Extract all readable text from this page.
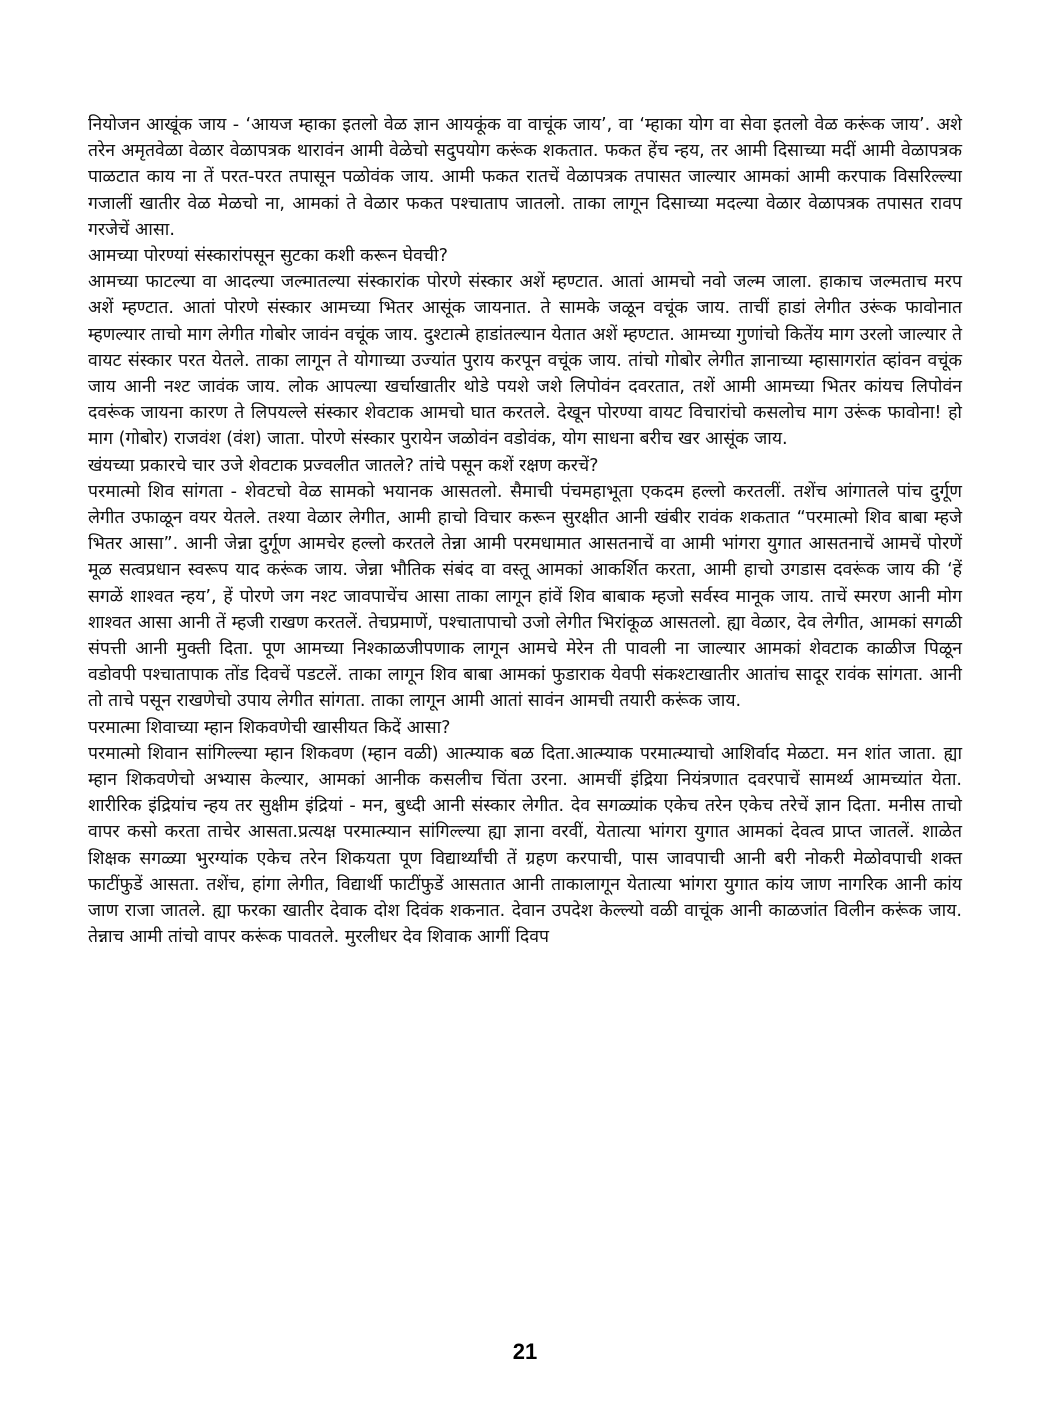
नियोजन आखूंक जाय - ‘आयज म्हाका इतलो वेळ ज्ञान आयकूंक वा वाचूंक जाय’, वा ‘म्हाका योग वा सेवा इतलो वेळ करूंक जाय’. अशे तरेन अमृतवेळा वेळार वेळापत्रक थारावंन आमी वेळेचो सदुपयोग करूंक शकतात. फकत हेंच न्हय, तर आमी दिसाच्या मदीं आमी वेळापत्रक पाळटात काय ना तें परत-परत तपासून पळोवंक जाय. आमी फकत रातचें वेळापत्रक तपासत जाल्यार आमकां आमी करपाक विसरिल्ल्या गजालीं खातीर वेळ मेळचो ना, आमकां ते वेळार फकत पश्चाताप जातलो. ताका लागून दिसाच्या मदल्या वेळार वेळापत्रक तपासत रावप गरजेचें आसा.

आमच्या पोरण्यां संस्कारांपसून सुटका कशी करून घेवची?

आमच्या फाटल्या वा आदल्या जल्मातल्या संस्कारांक पोरणे संस्कार अशें म्हण्टात. आतां आमचो नवो जल्म जाला. हाकाच जल्मताच मरप अशें म्हण्टात. आतां पोरणे संस्कार आमच्या भितर आसूंक जायनात. ते सामके जळून वचूंक जाय. ताचीं हाडां लेगीत उरूंक फावोनात म्हणल्यार ताचो माग लेगीत गोबोर जावंन वचूंक जाय. दुश्टात्मे हाडांतल्यान येतात अशें म्हण्टात. आमच्या गुणांचो कितेंय माग उरलो जाल्यार ते वायट संस्कार परत येतले. ताका लागून ते योगाच्या उज्यांत पुराय करपून वचूंक जाय. तांचो गोबोर लेगीत ज्ञानाच्या म्हासागरांत व्हांवन वचूंक जाय आनी नश्ट जावंक जाय. लोक आपल्या खर्चाखातीर थोडे पयशे जशे लिपोवंन दवरतात, तशें आमी आमच्या भितर कांयच लिपोवंन दवरूंक जायना कारण ते लिपयल्ले संस्कार शेवटाक आमचो घात करतले. देखून पोरण्या वायट विचारांचो कसलोच माग उरूंक फावोना! हो माग (गोबोर) राजवंश (वंश) जाता. पोरणे संस्कार पुरायेन जळोवंन वडोवंक, योग साधना बरीच खर आसूंक जाय.

खंयच्या प्रकारचे चार उजे शेवटाक प्रज्वलीत जातले? तांचे पसून कशें रक्षण करचें?

परमात्मो शिव सांगता - शेवटचो वेळ सामको भयानक आसतलो. सैमाची पंचमहाभूता एकदम हल्लो करतलीं. तशेंच आंगातले पांच दुर्गूण लेगीत उफाळून वयर येतले. तश्या वेळार लेगीत, आमी हाचो विचार करून सुरक्षीत आनी खंबीर रावंक शकतात “परमात्मो शिव बाबा म्हजे भितर आसा”. आनी जेन्ना दुर्गूण आमचेर हल्लो करतले तेन्ना आमी परमधामात आसतनाचें वा आमी भांगरा युगात आसतनाचें आमचें पोरणें मूळ सत्वप्रधान स्वरूप याद करूंक जाय. जेन्ना भौतिक संबंद वा वस्तू आमकां आकर्शित करता, आमी हाचो उगडास दवरूंक जाय की ‘हें सगळें शाश्वत न्हय’, हें पोरणे जग नश्ट जावपाचेंच आसा ताका लागून हांवें शिव बाबाक म्हजो सर्वस्व मानूक जाय. ताचें स्मरण आनी मोग शाश्वत आसा आनी तें म्हजी राखण करतलें. तेचप्रमाणें, पश्चातापाचो उजो लेगीत भिरांकूळ आसतलो. ह्या वेळार, देव लेगीत, आमकां सगळी संपत्ती आनी मुक्ती दिता. पूण आमच्या निश्काळजीपणाक लागून आमचे मेरेन ती पावली ना जाल्यार आमकां शेवटाक काळीज पिळून वडोवपी पश्चातापाक तोंड दिवचें पडटलें. ताका लागून शिव बाबा आमकां फुडाराक येवपी संकश्टाखातीर आतांच सादूर रावंक सांगता. आनी तो ताचे पसून राखणेचो उपाय लेगीत सांगता. ताका लागून आमी आतां सावंन आमची तयारी करूंक जाय.

परमात्मा शिवाच्या म्हान शिकवणेची खासीयत किदें आसा?

परमात्मो शिवान सांगिल्ल्या म्हान शिकवण (म्हान वळी) आत्म्याक बळ दिता.आत्म्याक परमात्म्याचो आशिर्वाद मेळटा. मन शांत जाता. ह्या म्हान शिकवणेचो अभ्यास केल्यार, आमकां आनीक कसलीच चिंता उरना. आमचीं इंद्रिया नियंत्रणात दवरपाचें सामर्थ्य आमच्यांत येता. शारीरिक इंद्रियांच न्हय तर सुक्षीम इंद्रियां - मन, बुध्दी आनी संस्कार लेगीत. देव सगळ्यांक एकेच तरेन एकेच तरेचें ज्ञान दिता. मनीस ताचो वापर कसो करता ताचेर आसता.प्रत्यक्ष परमात्म्यान सांगिल्ल्या ह्या ज्ञाना वरवीं, येतात्या भांगरा युगात आमकां देवत्व प्राप्त जातलें. शाळेत शिक्षक सगळ्या भुरग्यांक एकेच तरेन शिकयता पूण विद्यार्थ्यांची तें ग्रहण करपाची, पास जावपाची आनी बरी नोकरी मेळोवपाची शक्त फाटींफुडें आसता. तशेंच, हांगा लेगीत, विद्यार्थी फाटींफुडें आसतात आनी ताकालागून येतात्या भांगरा युगात कांय जाण नागरिक आनी कांय जाण राजा जातले. ह्या फरका खातीर देवाक दोश दिवंक शकनात. देवान उपदेश केल्ल्यो वळी वाचूंक आनी काळजांत विलीन करूंक जाय. तेन्नाच आमी तांचो वापर करूंक पावतले. मुरलीधर देव शिवाक आगीं दिवप

21
